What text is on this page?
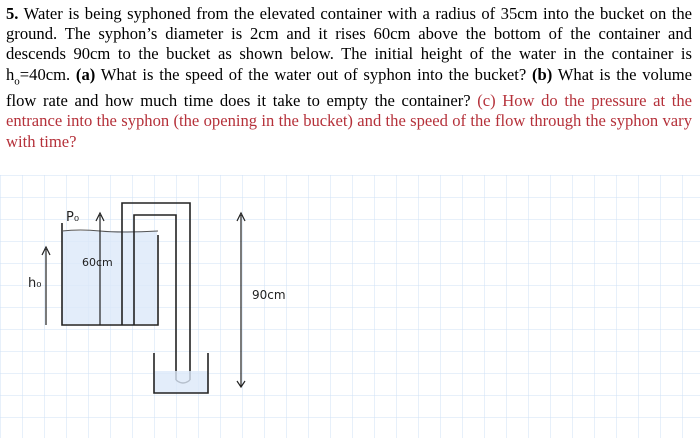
5. Water is being syphoned from the elevated container with a radius of 35cm into the bucket on the ground. The syphon’s diameter is 2cm and it rises 60cm above the bottom of the container and descends 90cm to the bucket as shown below. The initial height of the water in the container is $h_o=40cm$. (a) What is the speed of the water out of syphon into the bucket? (b) What is the volume flow rate and how much time does it take to empty the container? (c) How do the pressure at the entrance into the syphon (the opening in the bucket) and the speed of the flow through the syphon vary with time?
h₀
P₀
60cm
90cm
